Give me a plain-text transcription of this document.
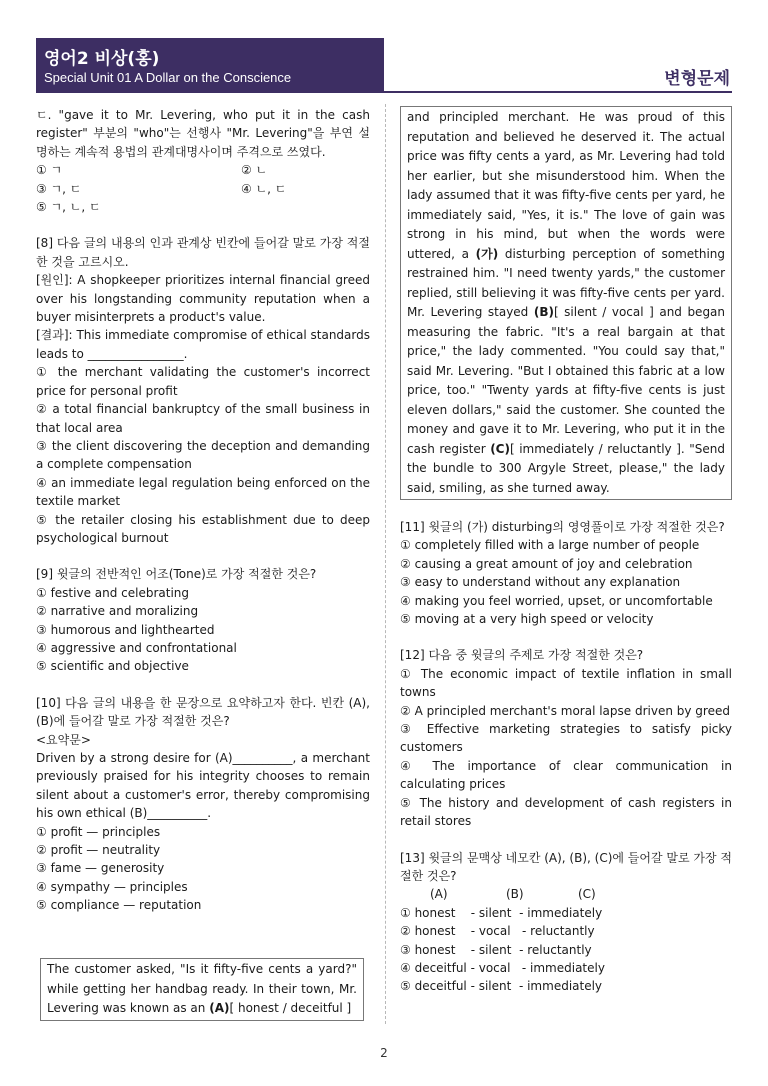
영어2 비상(홍)
Special Unit 01 A Dollar on the Conscience	변형문제

ㄷ. "gave it to Mr. Levering, who put it in the cash register" 부분의 "who"는 선행사 "Mr. Levering"을 부연 설명하는 계속적 용법의 관계대명사이며 주격으로 쓰였다.

① ㄱ	② ㄴ
③ ㄱ, ㄷ	④ ㄴ, ㄷ
⑤ ㄱ, ㄴ, ㄷ

[8] 다음 글의 내용의 인과 관계상 빈칸에 들어갈 말로 가장 적절한 것을 고르시오.

[원인]: A shopkeeper prioritizes internal financial greed over his longstanding community reputation when a buyer misinterprets a product's value.

[결과]: This immediate compromise of ethical standards leads to ________________.

① the merchant validating the customer's incorrect price for personal profit

② a total financial bankruptcy of the small business in that local area

③ the client discovering the deception and demanding a complete compensation

④ an immediate legal regulation being enforced on the textile market

⑤ the retailer closing his establishment due to deep psychological burnout

[9] 윗글의 전반적인 어조(Tone)로 가장 적절한 것은?

① festive and celebrating

② narrative and moralizing

③ humorous and lighthearted

④ aggressive and confrontational

⑤ scientific and objective

[10] 다음 글의 내용을 한 문장으로 요약하고자 한다. 빈칸 (A), (B)에 들어갈 말로 가장 적절한 것은?

<요약문>

Driven by a strong desire for (A)__________, a merchant previously praised for his integrity chooses to remain silent about a customer's error, thereby compromising his own ethical (B)__________.

① profit — principles

② profit — neutrality

③ fame — generosity

④ sympathy — principles

⑤ compliance — reputation

The customer asked, "Is it fifty-five cents a yard?" while getting her handbag ready. In their town, Mr. Levering was known as an (A)[ honest / deceitful ]
and principled merchant. He was proud of this reputation and believed he deserved it. The actual price was fifty cents a yard, as Mr. Levering had told her earlier, but she misunderstood him. When the lady assumed that it was fifty-five cents per yard, he immediately said, "Yes, it is." The love of gain was strong in his mind, but when the words were uttered, a (가) disturbing perception of something restrained him. "I need twenty yards," the customer replied, still believing it was fifty-five cents per yard. Mr. Levering stayed (B)[ silent / vocal ] and began measuring the fabric. "It's a real bargain at that price," the lady commented. "You could say that," said Mr. Levering. "But I obtained this fabric at a low price, too." "Twenty yards at fifty-five cents is just eleven dollars," said the customer. She counted the money and gave it to Mr. Levering, who put it in the cash register (C)[ immediately / reluctantly ]. "Send the bundle to 300 Argyle Street, please," the lady said, smiling, as she turned away.

[11] 윗글의 (가) disturbing의 영영풀이로 가장 적절한 것은?

① completely filled with a large number of people

② causing a great amount of joy and celebration

③ easy to understand without any explanation

④ making you feel worried, upset, or uncomfortable

⑤ moving at a very high speed or velocity

[12] 다음 중 윗글의 주제로 가장 적절한 것은?

① The economic impact of textile inflation in small towns

② A principled merchant's moral lapse driven by greed

③ Effective marketing strategies to satisfy picky customers

④ The importance of clear communication in calculating prices

⑤ The history and development of cash registers in retail stores

[13] 윗글의 문맥상 네모칸 (A), (B), (C)에 들어갈 말로 가장 적절한 것은?

(A)	(B)	(C)

① honest    - silent  - immediately

② honest    - vocal   - reluctantly

③ honest    - silent  - reluctantly

④ deceitful - vocal   - immediately

⑤ deceitful - silent  - immediately

2
